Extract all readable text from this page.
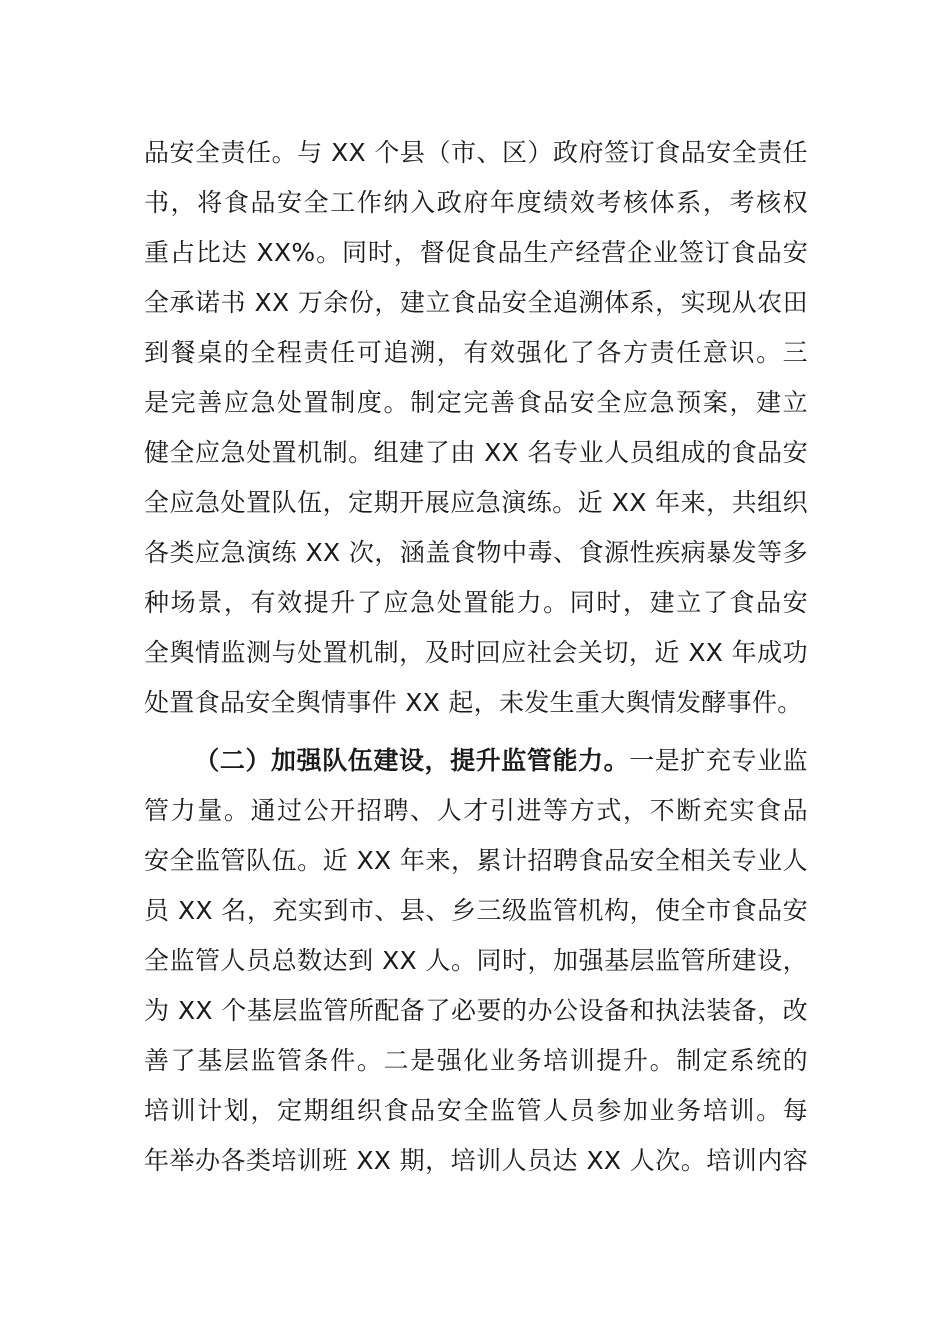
品安全责任。与 XX 个县（市、区）政府签订食品安全责任
书，将食品安全工作纳入政府年度绩效考核体系，考核权
重占比达 XX%。同时，督促食品生产经营企业签订食品安
全承诺书 XX 万余份，建立食品安全追溯体系，实现从农田
到餐桌的全程责任可追溯，有效强化了各方责任意识。三
是完善应急处置制度。制定完善食品安全应急预案，建立
健全应急处置机制。组建了由 XX 名专业人员组成的食品安
全应急处置队伍，定期开展应急演练。近 XX 年来，共组织
各类应急演练 XX 次，涵盖食物中毒、食源性疾病暴发等多
种场景，有效提升了应急处置能力。同时，建立了食品安
全舆情监测与处置机制，及时回应社会关切，近 XX 年成功
处置食品安全舆情事件 XX 起，未发生重大舆情发酵事件。
（二）加强队伍建设，提升监管能力。一是扩充专业监
管力量。通过公开招聘、人才引进等方式，不断充实食品
安全监管队伍。近 XX 年来，累计招聘食品安全相关专业人
员 XX 名，充实到市、县、乡三级监管机构，使全市食品安
全监管人员总数达到 XX 人。同时，加强基层监管所建设，
为 XX 个基层监管所配备了必要的办公设备和执法装备，改
善了基层监管条件。二是强化业务培训提升。制定系统的
培训计划，定期组织食品安全监管人员参加业务培训。每
年举办各类培训班 XX 期，培训人员达 XX 人次。培训内容
